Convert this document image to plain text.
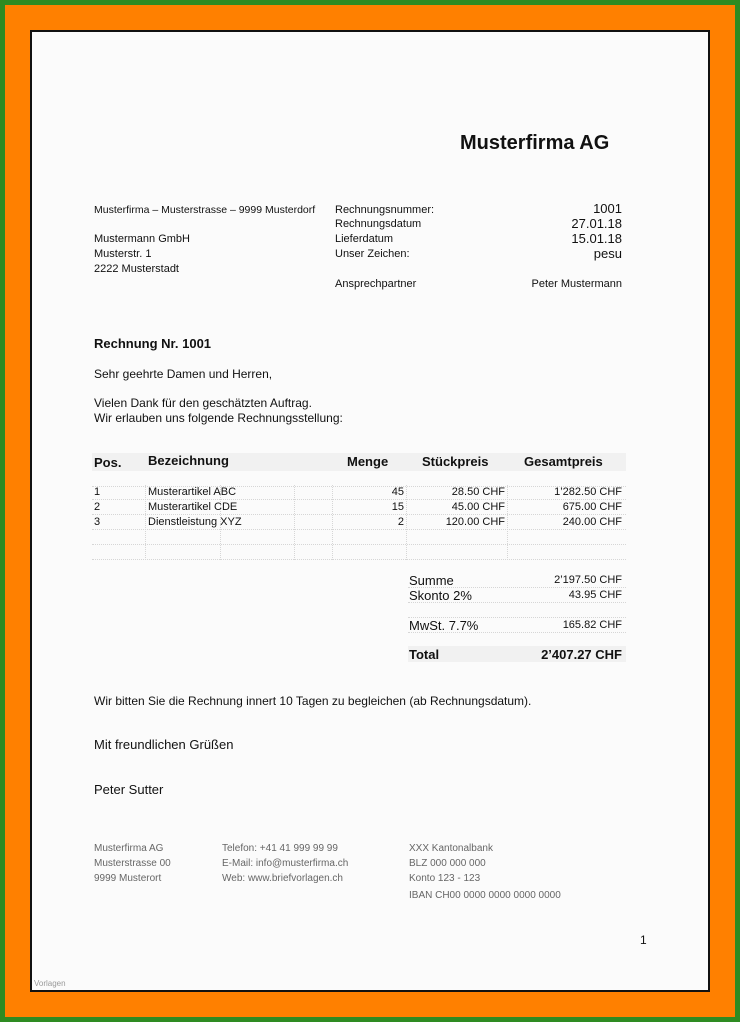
Musterfirma AG
Musterfirma – Musterstrasse – 9999 Musterdorf
Mustermann GmbH
Musterstr. 1
2222 Musterstadt
Rechnungsnummer:	1001
Rechnungsdatum	27.01.18
Lieferdatum	15.01.18
Unser Zeichen:	pesu
Ansprechpartner	Peter Mustermann
Rechnung Nr. 1001
Sehr geehrte Damen und Herren,
Vielen Dank für den geschätzten Auftrag.
Wir erlauben uns folgende Rechnungsstellung:
Pos. Bezeichnung	Menge	Stückpreis	Gesamtpreis
1	Musterartikel ABC	45	28.50 CHF	1’282.50 CHF
2	Musterartikel CDE	15	45.00 CHF	675.00 CHF
3	Dienstleistung XYZ	2	120.00 CHF	240.00 CHF
Summe	2’197.50 CHF
Skonto 2%	43.95 CHF
MwSt. 7.7%	165.82 CHF
Total	2’407.27 CHF
Wir bitten Sie die Rechnung innert 10 Tagen zu begleichen (ab Rechnungsdatum).
Mit freundlichen Grüßen
Peter Sutter
Musterfirma AG
Musterstrasse 00
9999 Musterort
Telefon: +41 41 999 99 99
E-Mail: info@musterfirma.ch
Web: www.briefvorlagen.ch
XXX Kantonalbank
BLZ 000 000 000
Konto 123 - 123
IBAN CH00 0000 0000 0000 0000
1
Vorlagen
